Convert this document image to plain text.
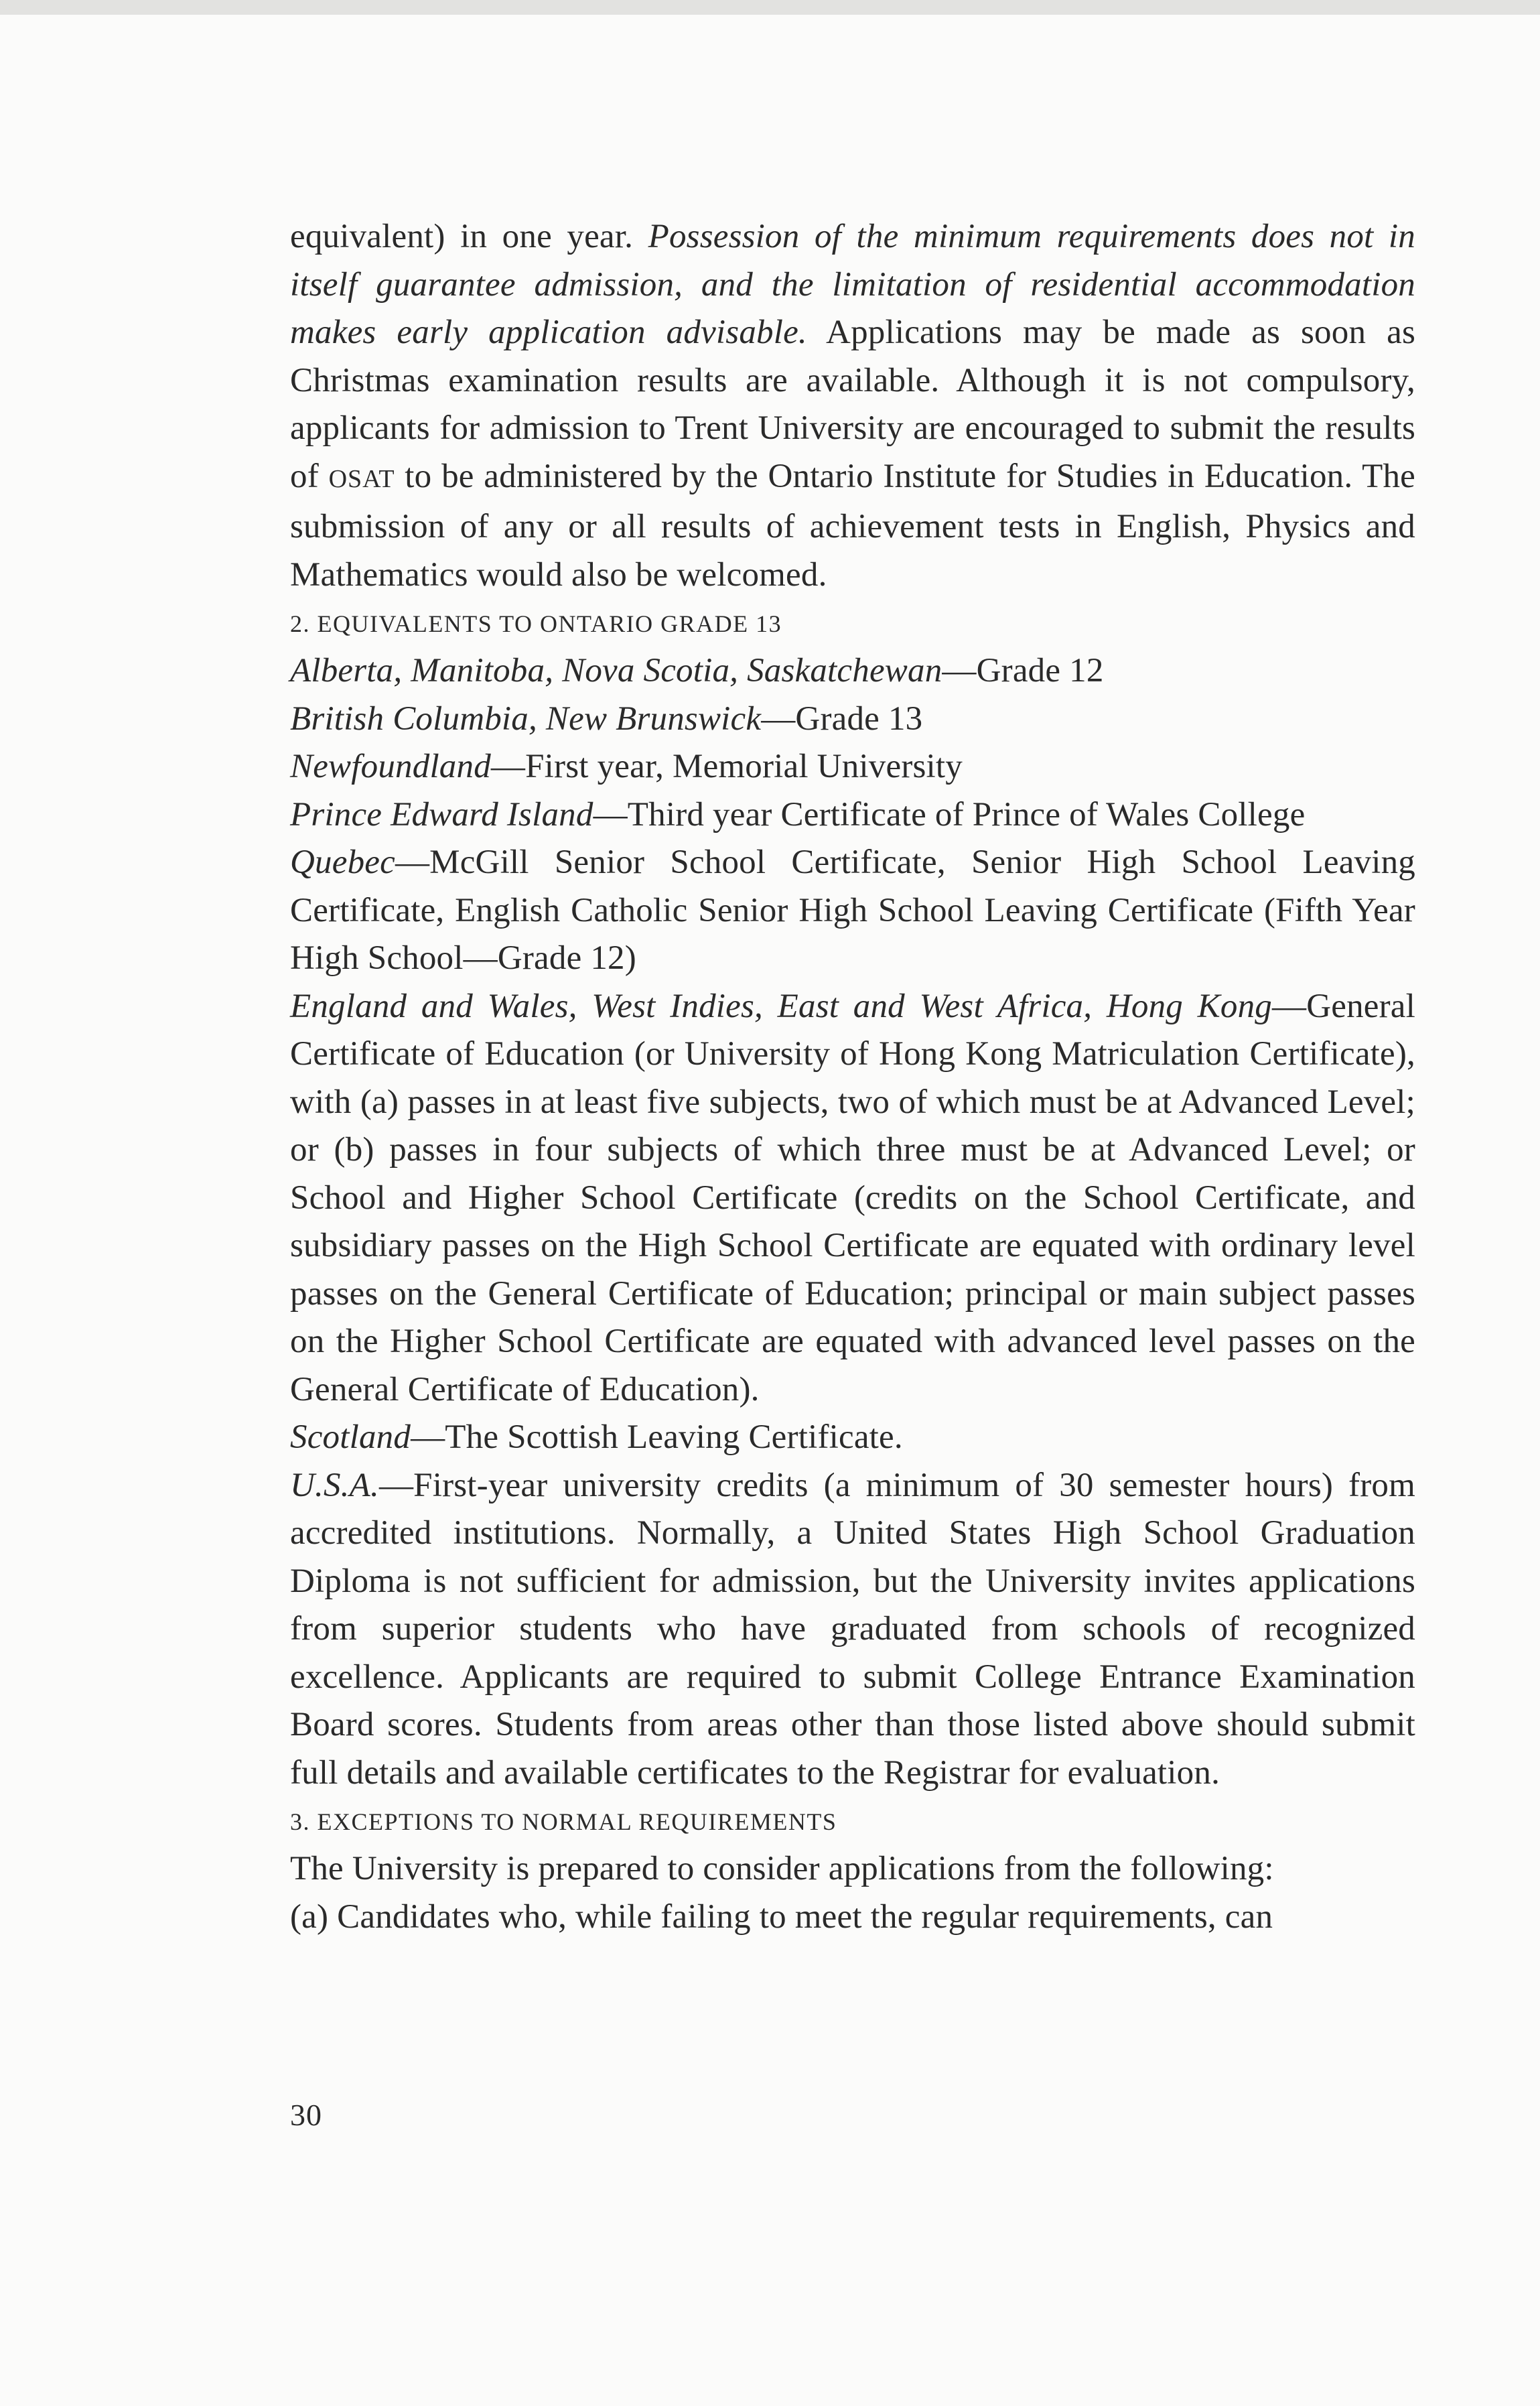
equivalent) in one year. Possession of the minimum requirements does not in itself guarantee admission, and the limitation of residential accommodation makes early application advisable. Applications may be made as soon as Christmas examination results are available. Although it is not compulsory, applicants for admission to Trent University are encouraged to submit the results of OSAT to be administered by the Ontario Institute for Studies in Education. The submission of any or all results of achievement tests in English, Physics and Mathematics would also be welcomed.

2. EQUIVALENTS TO ONTARIO GRADE 13

Alberta, Manitoba, Nova Scotia, Saskatchewan—Grade 12

British Columbia, New Brunswick—Grade 13

Newfoundland—First year, Memorial University

Prince Edward Island—Third year Certificate of Prince of Wales College

Quebec—McGill Senior School Certificate, Senior High School Leaving Certificate, English Catholic Senior High School Leaving Certificate (Fifth Year High School—Grade 12)

England and Wales, West Indies, East and West Africa, Hong Kong—General Certificate of Education (or University of Hong Kong Matriculation Certificate), with (a) passes in at least five subjects, two of which must be at Advanced Level; or (b) passes in four subjects of which three must be at Advanced Level; or School and Higher School Certificate (credits on the School Certificate, and subsidiary passes on the High School Certificate are equated with ordinary level passes on the General Certificate of Education; principal or main subject passes on the Higher School Certificate are equated with advanced level passes on the General Certificate of Education).

Scotland—The Scottish Leaving Certificate.

U.S.A.—First-year university credits (a minimum of 30 semester hours) from accredited institutions. Normally, a United States High School Graduation Diploma is not sufficient for admission, but the University invites applications from superior students who have graduated from schools of recognized excellence. Applicants are required to submit College Entrance Examination Board scores. Students from areas other than those listed above should submit full details and available certificates to the Registrar for evaluation.

3. EXCEPTIONS TO NORMAL REQUIREMENTS

The University is prepared to consider applications from the following:

(a) Candidates who, while failing to meet the regular requirements, can

30
